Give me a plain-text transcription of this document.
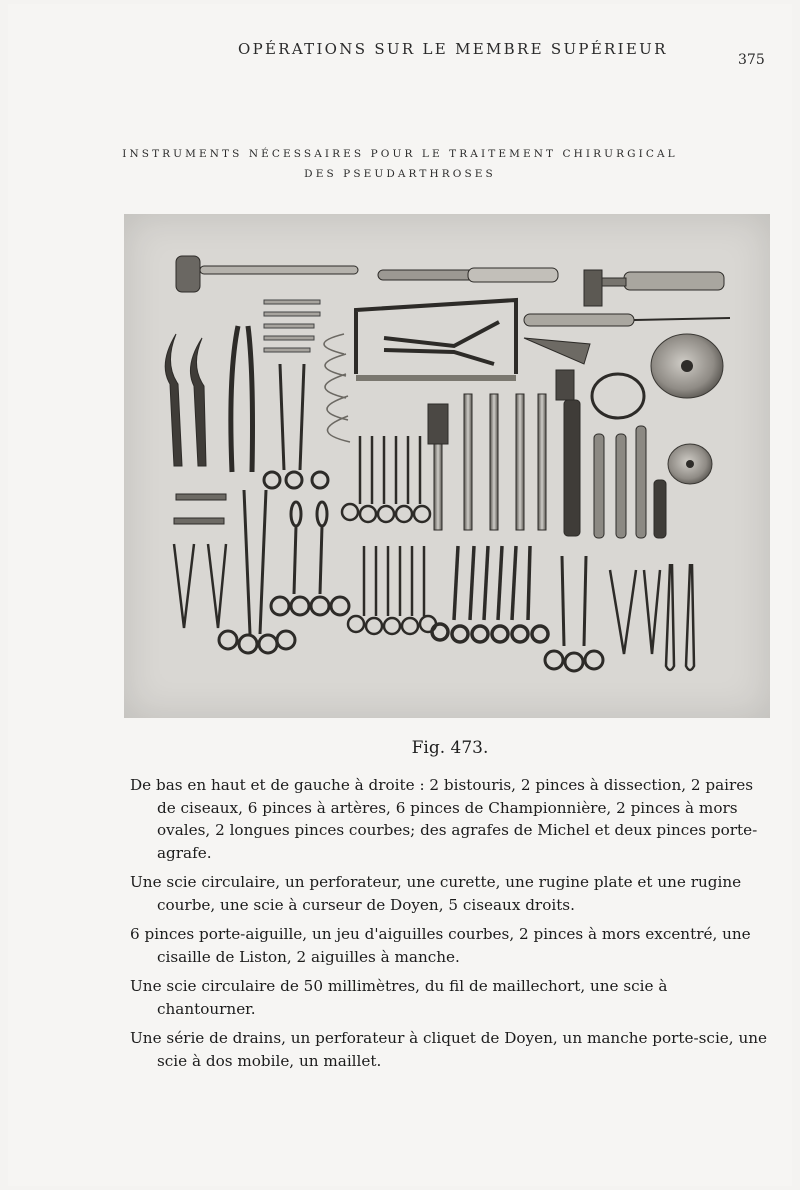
OPÉRATIONS SUR LE MEMBRE SUPÉRIEUR
375
INSTRUMENTS NÉCESSAIRES POUR LE TRAITEMENT CHIRURGICAL
DES PSEUDARTHROSES
Fig. 473.

De bas en haut et de gauche à droite : 2 bistouris, 2 pinces à dissection, 2 paires de ciseaux, 6 pinces à artères, 6 pinces de Championnière, 2 pinces à mors ovales, 2 longues pinces courbes; des agrafes de Michel et deux pinces porte-agrafe.

Une scie circulaire, un perforateur, une curette, une rugine plate et une rugine courbe, une scie à curseur de Doyen, 5 ciseaux droits.

6 pinces porte-aiguille, un jeu d'aiguilles courbes, 2 pinces à mors excentré, une cisaille de Liston, 2 aiguilles à manche.

Une scie circulaire de 50 millimètres, du fil de maillechort, une scie à chantourner.

Une série de drains, un perforateur à cliquet de Doyen, un manche porte-scie, une scie à dos mobile, un maillet.
